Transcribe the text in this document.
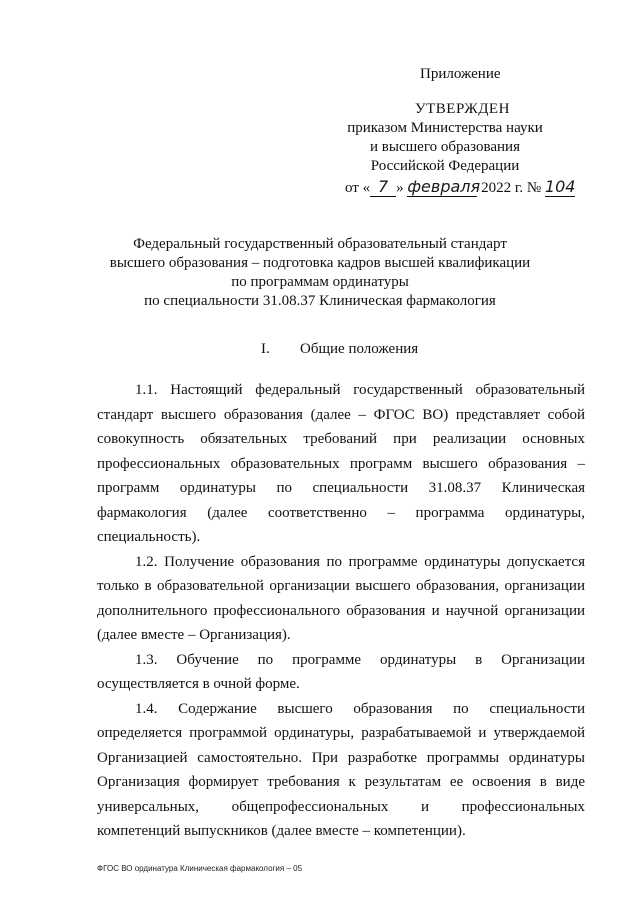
Приложение
УТВЕРЖДЕН
приказом Министерства науки
и высшего образования
Российской Федерации
от « 7 » февраля 2022 г. № 104
Федеральный государственный образовательный стандарт
высшего образования – подготовка кадров высшей квалификации
по программам ординатуры
по специальности 31.08.37 Клиническая фармакология
I. Общие положения

1.1. Настоящий федеральный государственный образовательный стандарт высшего образования (далее – ФГОС ВО) представляет собой совокупность обязательных требований при реализации основных профессиональных образовательных программ высшего образования – программ ординатуры по специальности 31.08.37 Клиническая фармакология (далее соответственно – программа ординатуры, специальность).

1.2. Получение образования по программе ординатуры допускается только в образовательной организации высшего образования, организации дополнительного профессионального образования и научной организации (далее вместе – Организация).

1.3. Обучение по программе ординатуры в Организации осуществляется в очной форме.

1.4. Содержание высшего образования по специальности определяется программой ординатуры, разрабатываемой и утверждаемой Организацией самостоятельно. При разработке программы ординатуры Организация формирует требования к результатам ее освоения в виде универсальных, общепрофессиональных и профессиональных компетенций выпускников (далее вместе – компетенции).

ФГОС ВО ординатура Клиническая фармакология – 05
